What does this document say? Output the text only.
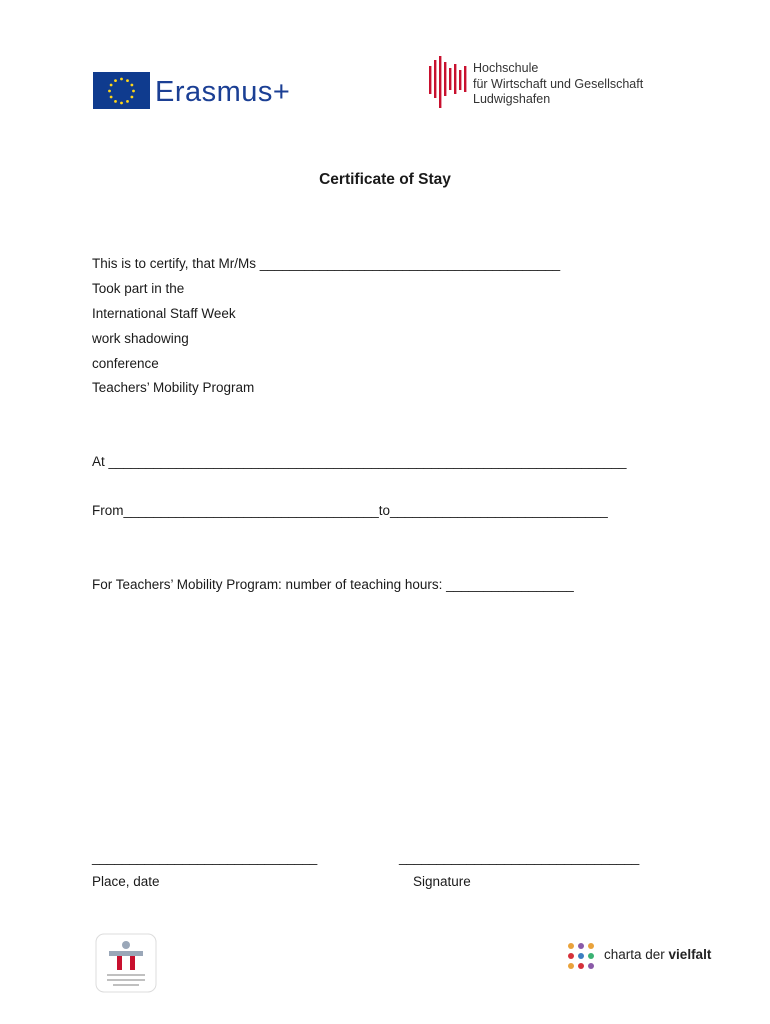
Erasmus+
Hochschule
für Wirtschaft und Gesellschaft
Ludwigshafen
Certificate of Stay
This is to certify, that Mr/Ms ________________________________________
Took part in the
International Staff Week
work shadowing
conference
Teachers’ Mobility Program
At _____________________________________________________________________
From__________________________________to_____________________________
For Teachers’ Mobility Program: number of teaching hours: _________________
______________________________
Place, date
________________________________
Signature
charta der vielfalt
